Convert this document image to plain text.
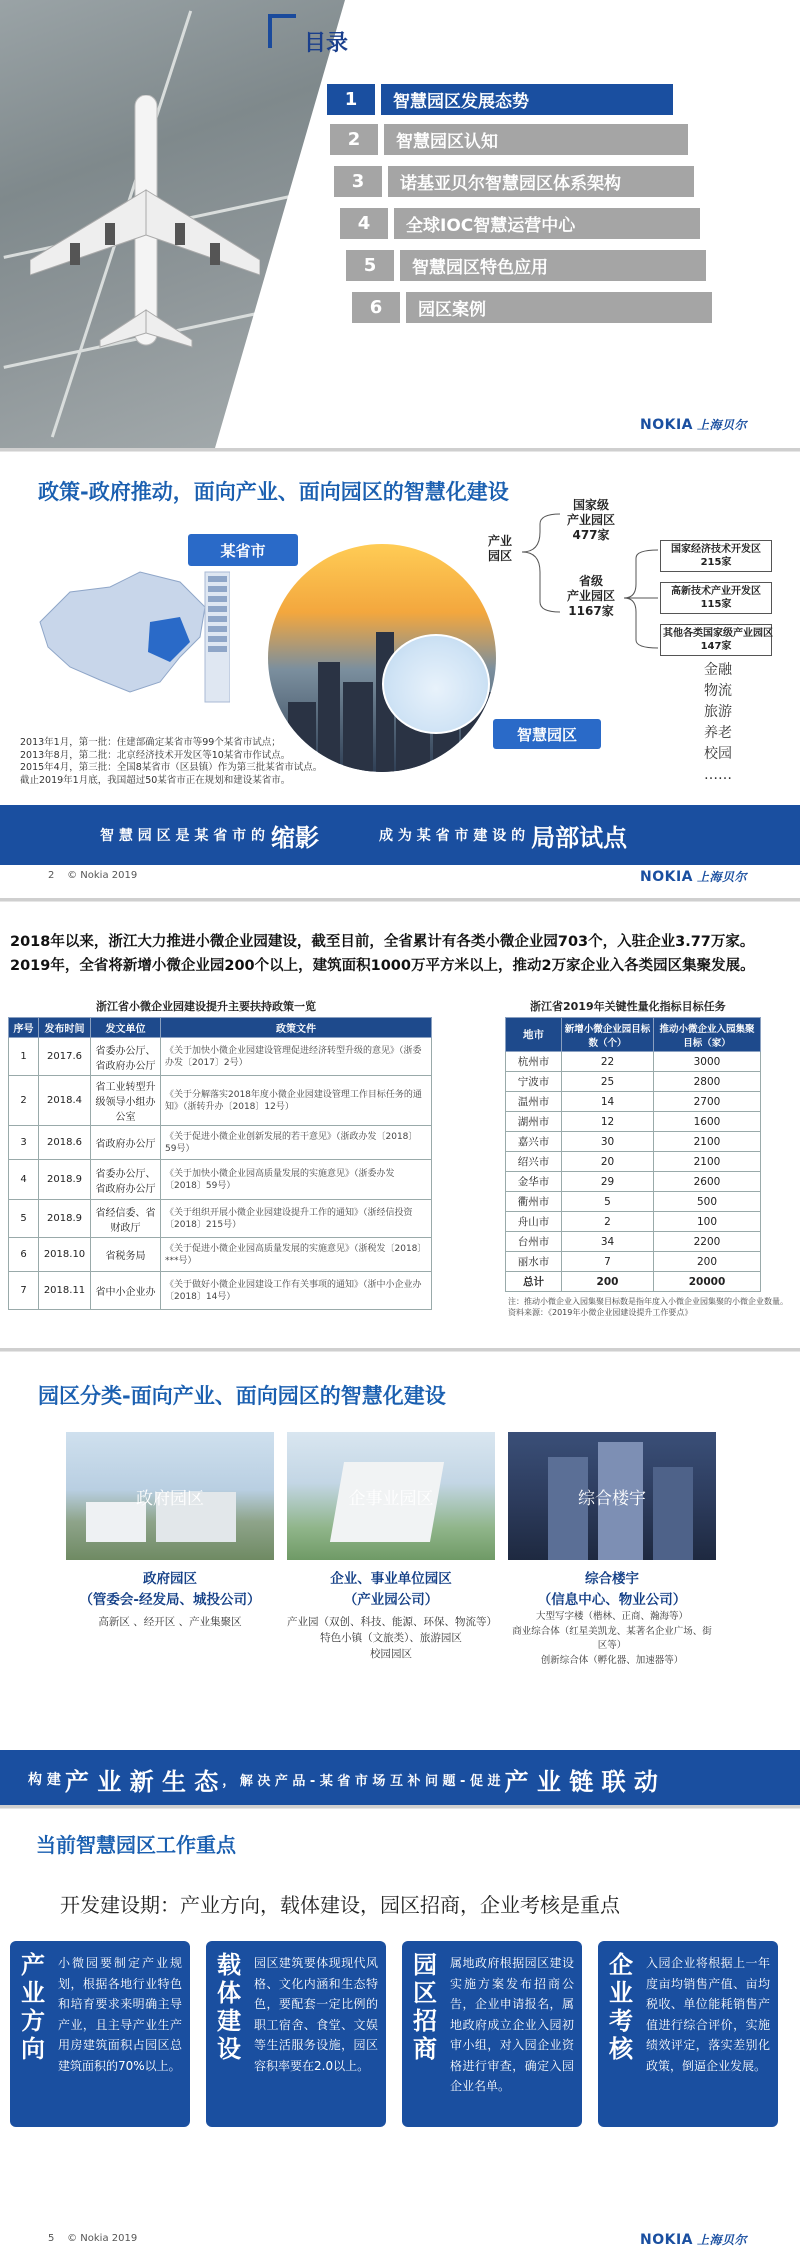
目录
1	智慧园区发展态势
2	智慧园区认知
3	诺基亚贝尔智慧园区体系架构
4	全球IOC智慧运营中心
5	智慧园区特色应用
6	园区案例
NOKIA 上海贝尔
政策-政府推动，面向产业、面向园区的智慧化建设
某省市
智慧园区
产业
园区
国家级
产业园区
477家
省级
产业园区
1167家
国家经济技术开发区
215家
高新技术产业开发区
115家
其他各类国家级产业园区
147家
金融
物流
旅游
养老
校园
……
2013年1月，第一批：住建部确定某省市等99个某省市试点；
2013年8月，第二批：北京经济技术开发区等10某省市作试点。
2015年4月，第三批：全国8某省市（区县镇）作为第三批某省市试点。
截止2019年1月底，我国超过50某省市正在规划和建设某省市。
智 慧 园 区 是 某 省 市 的 缩影	成 为 某 省 市 建 设 的 局部试点
2 © Nokia 2019	NOKIA 上海贝尔
2018年以来，浙江大力推进小微企业园建设，截至目前，全省累计有各类小微企业园703个，入驻企业3.77万家。2019年，全省将新增小微企业园200个以上，建筑面积1000万平方米以上，推动2万家企业入各类园区集聚发展。
浙江省小微企业园建设提升主要扶持政策一览
序号	发布时间	发文单位	政策文件
1	2017.6	省委办公厅、省政府办公厅	《关于加快小微企业园建设管理促进经济转型升级的意见》（浙委办发〔2017〕2号）
2	2018.4	省工业转型升级领导小组办公室	《关于分解落实2018年度小微企业园建设管理工作目标任务的通知》（浙转升办〔2018〕12号）
3	2018.6	省政府办公厅	《关于促进小微企业创新发展的若干意见》（浙政办发〔2018〕59号）
4	2018.9	省委办公厅、省政府办公厅	《关于加快小微企业园高质量发展的实施意见》（浙委办发〔2018〕59号）
5	2018.9	省经信委、省财政厅	《关于组织开展小微企业园建设提升工作的通知》（浙经信投资〔2018〕215号）
6	2018.10	省税务局	《关于促进小微企业园高质量发展的实施意见》（浙税发〔2018〕***号）
7	2018.11	省中小企业办	《关于做好小微企业园建设工作有关事项的通知》（浙中小企业办〔2018〕14号）
浙江省2019年关键性量化指标目标任务
地市	新增小微企业园目标数（个）	推动小微企业入园集聚目标（家）
杭州市	22	3000
宁波市	25	2800
温州市	14	2700
湖州市	12	1600
嘉兴市	30	2100
绍兴市	20	2100
金华市	29	2600
衢州市	5	500
舟山市	2	100
台州市	34	2200
丽水市	7	200
总计	200	20000
注：推动小微企业入园集聚目标数是指年度入小微企业园集聚的小微企业数量。
资料来源：《2019年小微企业园建设提升工作要点》
园区分类-面向产业、面向园区的智慧化建设
政府园区	企事业园区	综合楼宇
政府园区
（管委会-经发局、城投公司）
企业、事业单位园区
（产业园公司）
综合楼宇
（信息中心、物业公司）
高新区 、经开区 、产业集聚区	产业园（双创、科技、能源、环保、物流等）
特色小镇（文旅类）、旅游园区
校园园区
大型写字楼（楷林、正商、瀚海等）
商业综合体（红星美凯龙、某著名企业广场、街区等）
创新综合体（孵化器、加速器等）
构 建 产 业 新 生 态 ， 解 决 产 品 - 某 省 市 场 互 补 问 题 - 促 进 产 业 链 联 动
当前智慧园区工作重点
开发建设期：产业方向，载体建设，园区招商，企业考核是重点
产业方向
小微园要制定产业规划，根据各地行业特色和培育要求来明确主导产业，且主导产业生产用房建筑面积占园区总建筑面积的70%以上。
载体建设
园区建筑要体现现代风格、文化内涵和生态特色，要配套一定比例的职工宿舍、食堂、文娱等生活服务设施，园区容积率要在2.0以上。
园区招商
属地政府根据园区建设实施方案发布招商公告，企业申请报名，属地政府成立企业入园初审小组，对入园企业资格进行审查，确定入园企业名单。
企业考核
入园企业将根据上一年度亩均销售产值、亩均税收、单位能耗销售产值进行综合评价，实施绩效评定，落实差别化政策，倒逼企业发展。
5 © Nokia 2019	NOKIA 上海贝尔
